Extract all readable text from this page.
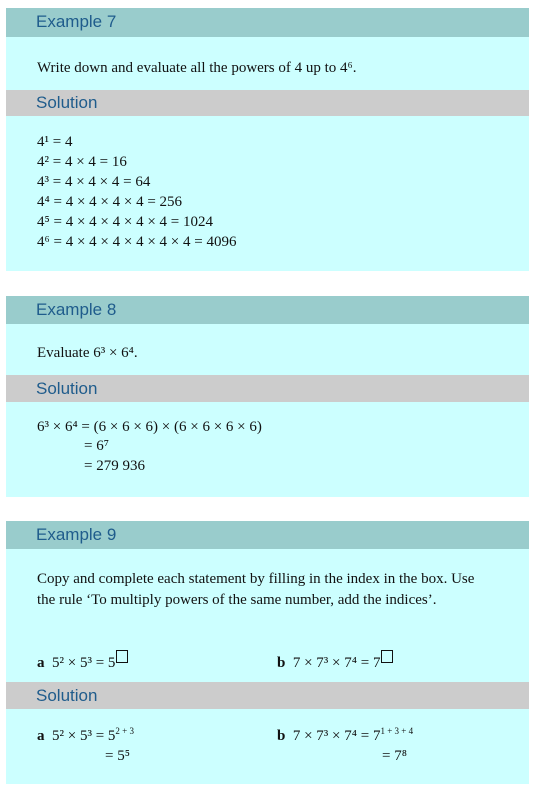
Example 7
Write down and evaluate all the powers of 4 up to 4⁶.
Solution
4¹ = 4
4² = 4 × 4 = 16
4³ = 4 × 4 × 4 = 64
4⁴ = 4 × 4 × 4 × 4 = 256
4⁵ = 4 × 4 × 4 × 4 × 4 = 1024
4⁶ = 4 × 4 × 4 × 4 × 4 × 4 = 4096
Example 8
Evaluate 6³ × 6⁴.
Solution
6³ × 6⁴ = (6 × 6 × 6) × (6 × 6 × 6 × 6)
= 6⁷
= 279 936
Example 9
Copy and complete each statement by filling in the index in the box. Use the rule ‘To multiply powers of the same number, add the indices’.
a 5² × 5³ = 5	b 7 × 7³ × 7⁴ = 7
Solution
a $5^2 \times 5^3 = 5^{2 + 3}$
= 5⁵
b $7 \times 7^3 \times 7^4 = 7^{1 + 3 + 4}$
= 7⁸
